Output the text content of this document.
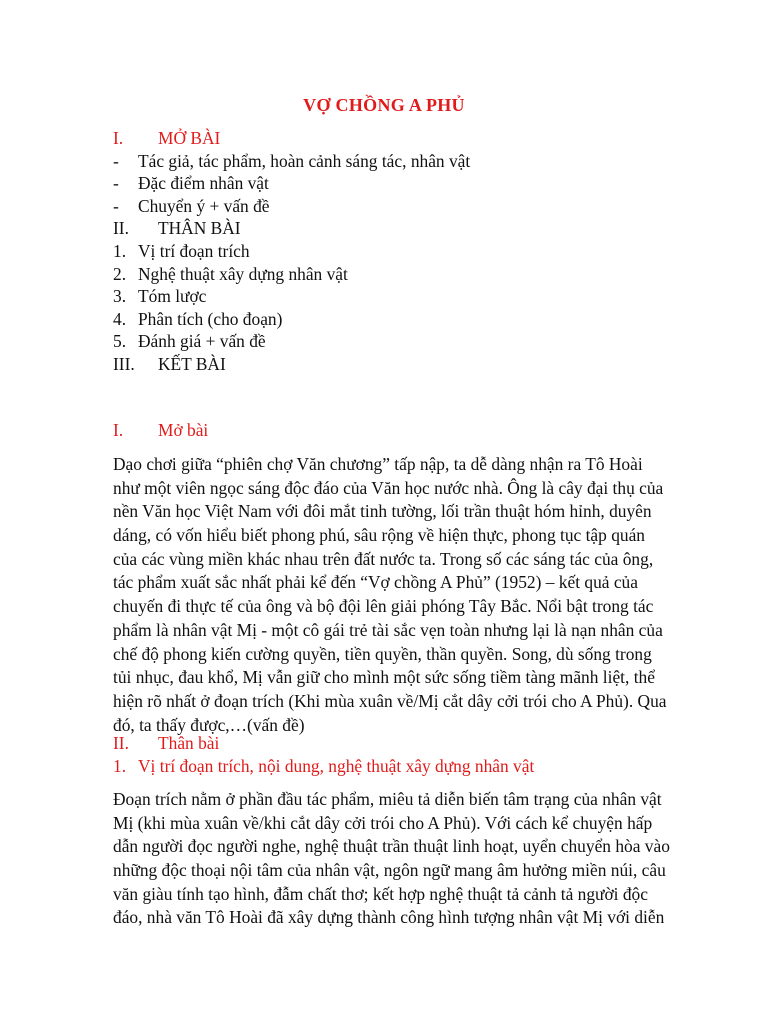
VỢ CHỒNG A PHỦ
I. MỞ BÀI
- Tác giả, tác phẩm, hoàn cảnh sáng tác, nhân vật
- Đặc điểm nhân vật
- Chuyển ý + vấn đề
II. THÂN BÀI
1. Vị trí đoạn trích
2. Nghệ thuật xây dựng nhân vật
3. Tóm lược
4. Phân tích (cho đoạn)
5. Đánh giá + vấn đề
III. KẾT BÀI
I. Mở bài
Dạo chơi giữa “phiên chợ Văn chương” tấp nập, ta dễ dàng nhận ra Tô Hoài
như một viên ngọc sáng độc đáo của Văn học nước nhà. Ông là cây đại thụ của
nền Văn học Việt Nam với đôi mắt tinh tường, lối trần thuật hóm hỉnh, duyên
dáng, có vốn hiểu biết phong phú, sâu rộng về hiện thực, phong tục tập quán
của các vùng miền khác nhau trên đất nước ta. Trong số các sáng tác của ông,
tác phẩm xuất sắc nhất phải kể đến “Vợ chồng A Phủ” (1952) – kết quả của
chuyến đi thực tế của ông và bộ đội lên giải phóng Tây Bắc. Nổi bật trong tác
phẩm là nhân vật Mị - một cô gái trẻ tài sắc vẹn toàn nhưng lại là nạn nhân của
chế độ phong kiến cường quyền, tiền quyền, thần quyền. Song, dù sống trong
tủi nhục, đau khổ, Mị vẫn giữ cho mình một sức sống tiềm tàng mãnh liệt, thể
hiện rõ nhất ở đoạn trích (Khi mùa xuân về/Mị cắt dây cởi trói cho A Phủ). Qua
đó, ta thấy được,…(vấn đề)
II. Thân bài
1. Vị trí đoạn trích, nội dung, nghệ thuật xây dựng nhân vật
Đoạn trích nằm ở phần đầu tác phẩm, miêu tả diễn biến tâm trạng của nhân vật
Mị (khi mùa xuân về/khi cắt dây cởi trói cho A Phủ). Với cách kể chuyện hấp
dẫn người đọc người nghe, nghệ thuật trần thuật linh hoạt, uyển chuyển hòa vào
những độc thoại nội tâm của nhân vật, ngôn ngữ mang âm hưởng miền núi, câu
văn giàu tính tạo hình, đẫm chất thơ; kết hợp nghệ thuật tả cảnh tả người độc
đáo, nhà văn Tô Hoài đã xây dựng thành công hình tượng nhân vật Mị với diễn
